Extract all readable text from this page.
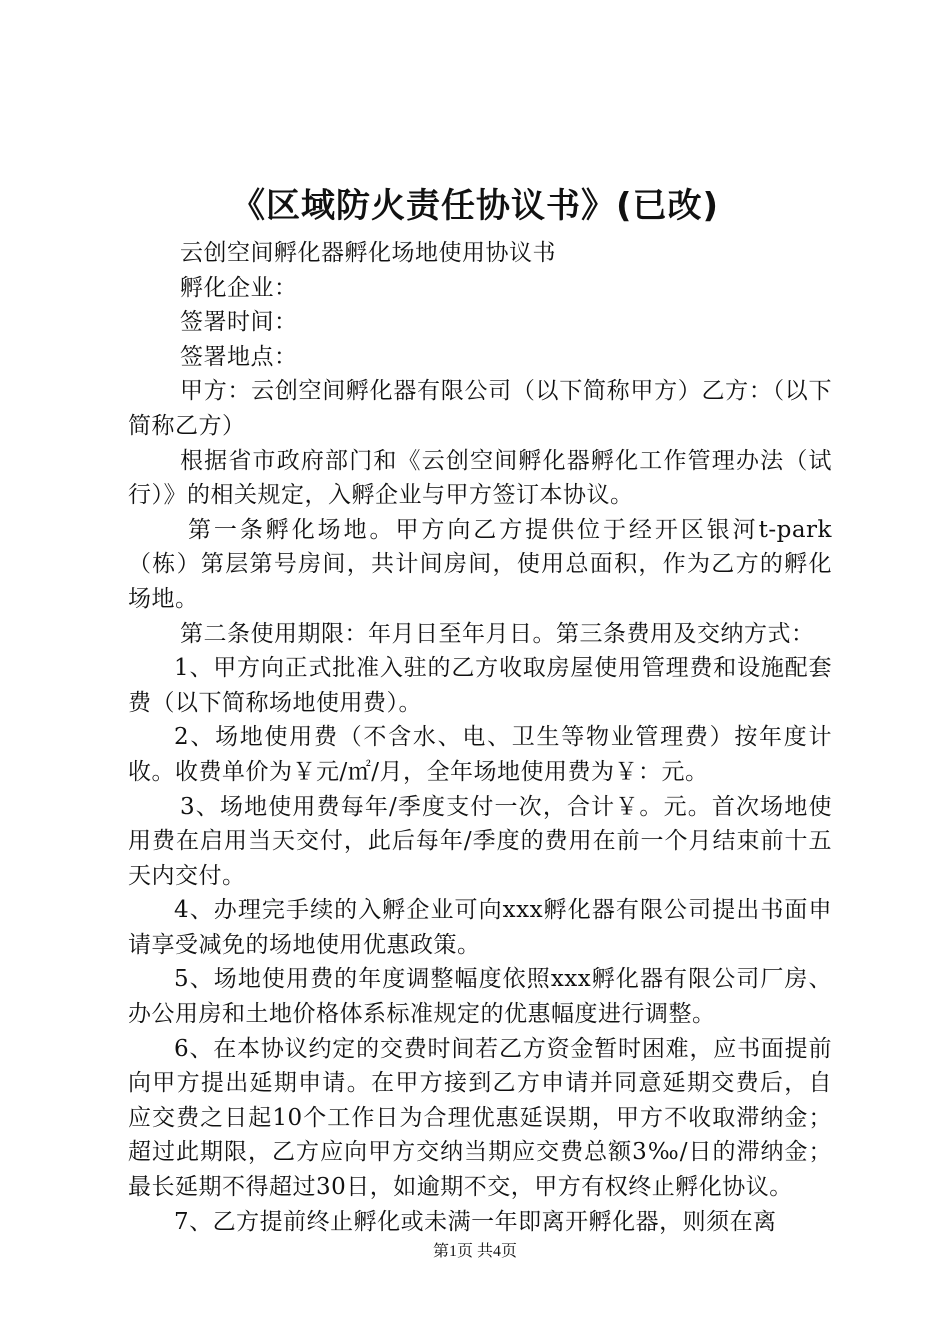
《区域防火责任协议书》(已改)

云创空间孵化器孵化场地使用协议书

孵化企业：

签署时间：

签署地点：

甲方：云创空间孵化器有限公司（以下简称甲方）乙方：（以下简称乙方）

根据省市政府部门和《云创空间孵化器孵化工作管理办法（试行）》的相关规定，入孵企业与甲方签订本协议。

第一条孵化场地。甲方向乙方提供位于经开区银河t-park（栋）第层第号房间，共计间房间，使用总面积，作为乙方的孵化场地。

第二条使用期限：年月日至年月日。第三条费用及交纳方式：

1、甲方向正式批准入驻的乙方收取房屋使用管理费和设施配套费（以下简称场地使用费）。

2、场地使用费（不含水、电、卫生等物业管理费）按年度计收。收费单价为￥元/㎡/月，全年场地使用费为￥：元。

3、场地使用费每年/季度支付一次，合计￥。元。首次场地使用费在启用当天交付，此后每年/季度的费用在前一个月结束前十五天内交付。

4、办理完手续的入孵企业可向xxx孵化器有限公司提出书面申请享受减免的场地使用优惠政策。

5、场地使用费的年度调整幅度依照xxx孵化器有限公司厂房、办公用房和土地价格体系标准规定的优惠幅度进行调整。

6、在本协议约定的交费时间若乙方资金暂时困难，应书面提前向甲方提出延期申请。在甲方接到乙方申请并同意延期交费后，自应交费之日起10个工作日为合理优惠延误期，甲方不收取滞纳金；超过此期限，乙方应向甲方交纳当期应交费总额3‰/日的滞纳金；最长延期不得超过30日，如逾期不交，甲方有权终止孵化协议。

7、乙方提前终止孵化或未满一年即离开孵化器，则须在离

第1页 共4页
